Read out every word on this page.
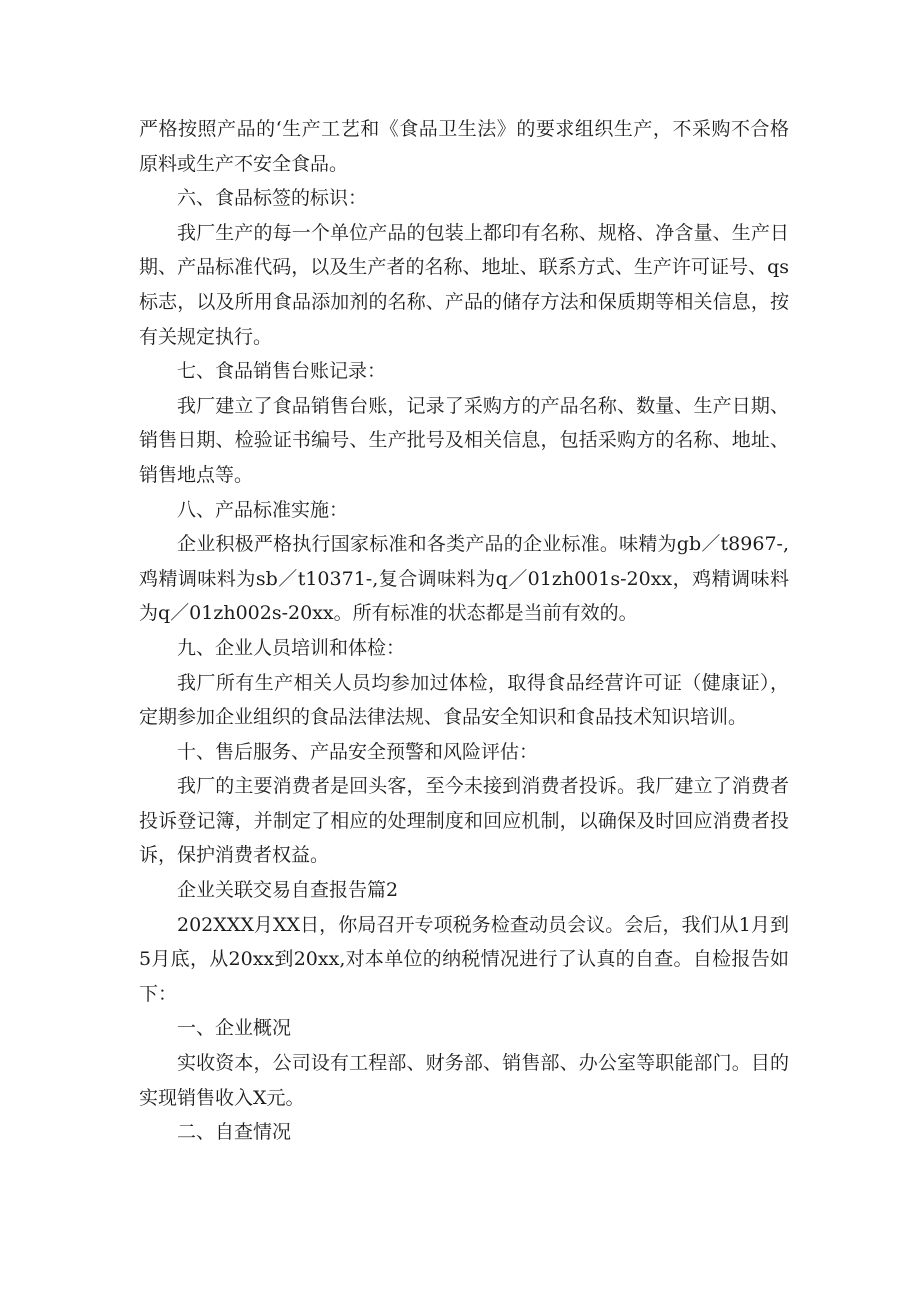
严格按照产品的‘生产工艺和《食品卫生法》的要求组织生产，不采购不合格原料或生产不安全食品。

六、食品标签的标识：

我厂生产的每一个单位产品的包装上都印有名称、规格、净含量、生产日期、产品标准代码，以及生产者的名称、地址、联系方式、生产许可证号、qs标志，以及所用食品添加剂的名称、产品的储存方法和保质期等相关信息，按有关规定执行。

七、食品销售台账记录：

我厂建立了食品销售台账，记录了采购方的产品名称、数量、生产日期、销售日期、检验证书编号、生产批号及相关信息，包括采购方的名称、地址、销售地点等。

八、产品标准实施：

企业积极严格执行国家标准和各类产品的企业标准。味精为gb／t8967-,鸡精调味料为sb／t10371-,复合调味料为q／01zh001s-20xx，鸡精调味料为q／01zh002s-20xx。所有标准的状态都是当前有效的。

九、企业人员培训和体检：

我厂所有生产相关人员均参加过体检，取得食品经营许可证（健康证），定期参加企业组织的食品法律法规、食品安全知识和食品技术知识培训。

十、售后服务、产品安全预警和风险评估：

我厂的主要消费者是回头客，至今未接到消费者投诉。我厂建立了消费者投诉登记簿，并制定了相应的处理制度和回应机制，以确保及时回应消费者投诉，保护消费者权益。

企业关联交易自查报告篇2

202XXX月XX日，你局召开专项税务检查动员会议。会后，我们从1月到5月底，从20xx到20xx,对本单位的纳税情况进行了认真的自查。自检报告如下：

一、企业概况

实收资本，公司设有工程部、财务部、销售部、办公室等职能部门。目的实现销售收入X元。

二、自查情况
